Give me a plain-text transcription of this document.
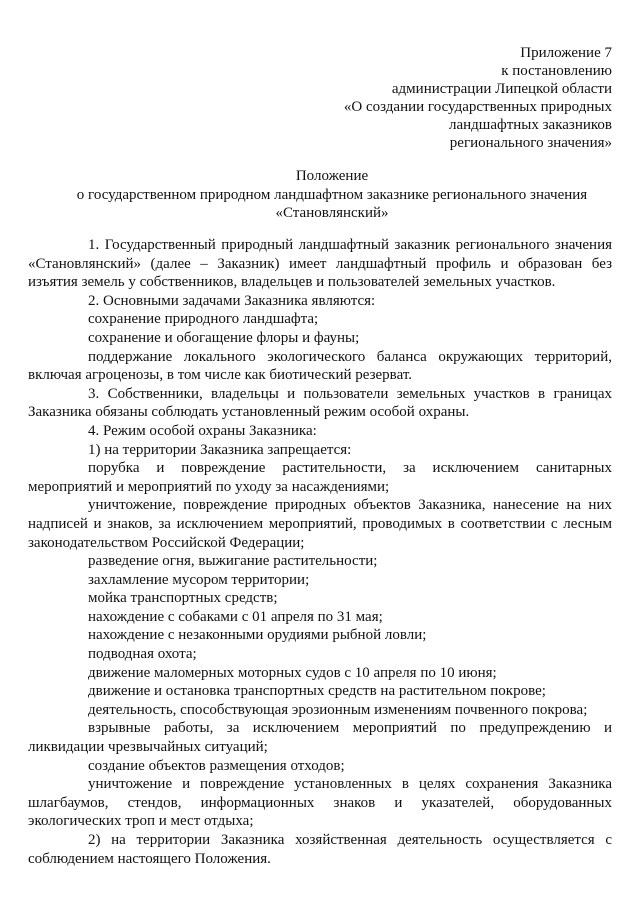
Приложение 7
к постановлению
администрации Липецкой области
«О создании государственных природных
ландшафтных заказников
регионального значения»
Положение
о государственном природном ландшафтном заказнике регионального значения
«Становлянский»

1. Государственный природный ландшафтный заказник регионального значения «Становлянский» (далее – Заказник) имеет ландшафтный профиль и образован без изъятия земель у собственников, владельцев и пользователей земельных участков.

2. Основными задачами Заказника являются:

сохранение природного ландшафта;

сохранение и обогащение флоры и фауны;

поддержание локального экологического баланса окружающих территорий, включая агроценозы, в том числе как биотический резерват.

3. Собственники, владельцы и пользователи земельных участков в границах Заказника обязаны соблюдать установленный режим особой охраны.

4. Режим особой охраны Заказника:

1) на территории Заказника запрещается:

порубка и повреждение растительности, за исключением санитарных мероприятий и мероприятий по уходу за насаждениями;

уничтожение, повреждение природных объектов Заказника, нанесение на них надписей и знаков, за исключением мероприятий, проводимых в соответствии с лесным законодательством Российской Федерации;

разведение огня, выжигание растительности;

захламление мусором территории;

мойка транспортных средств;

нахождение с собаками с 01 апреля по 31 мая;

нахождение с незаконными орудиями рыбной ловли;

подводная охота;

движение маломерных моторных судов с 10 апреля по 10 июня;

движение и остановка транспортных средств на растительном покрове;

деятельность, способствующая эрозионным изменениям почвенного покрова;

взрывные работы, за исключением мероприятий по предупреждению и ликвидации чрезвычайных ситуаций;

создание объектов размещения отходов;

уничтожение и повреждение установленных в целях сохранения Заказника шлагбаумов, стендов, информационных знаков и указателей, оборудованных экологических троп и мест отдыха;

2) на территории Заказника хозяйственная деятельность осуществляется с соблюдением настоящего Положения.
